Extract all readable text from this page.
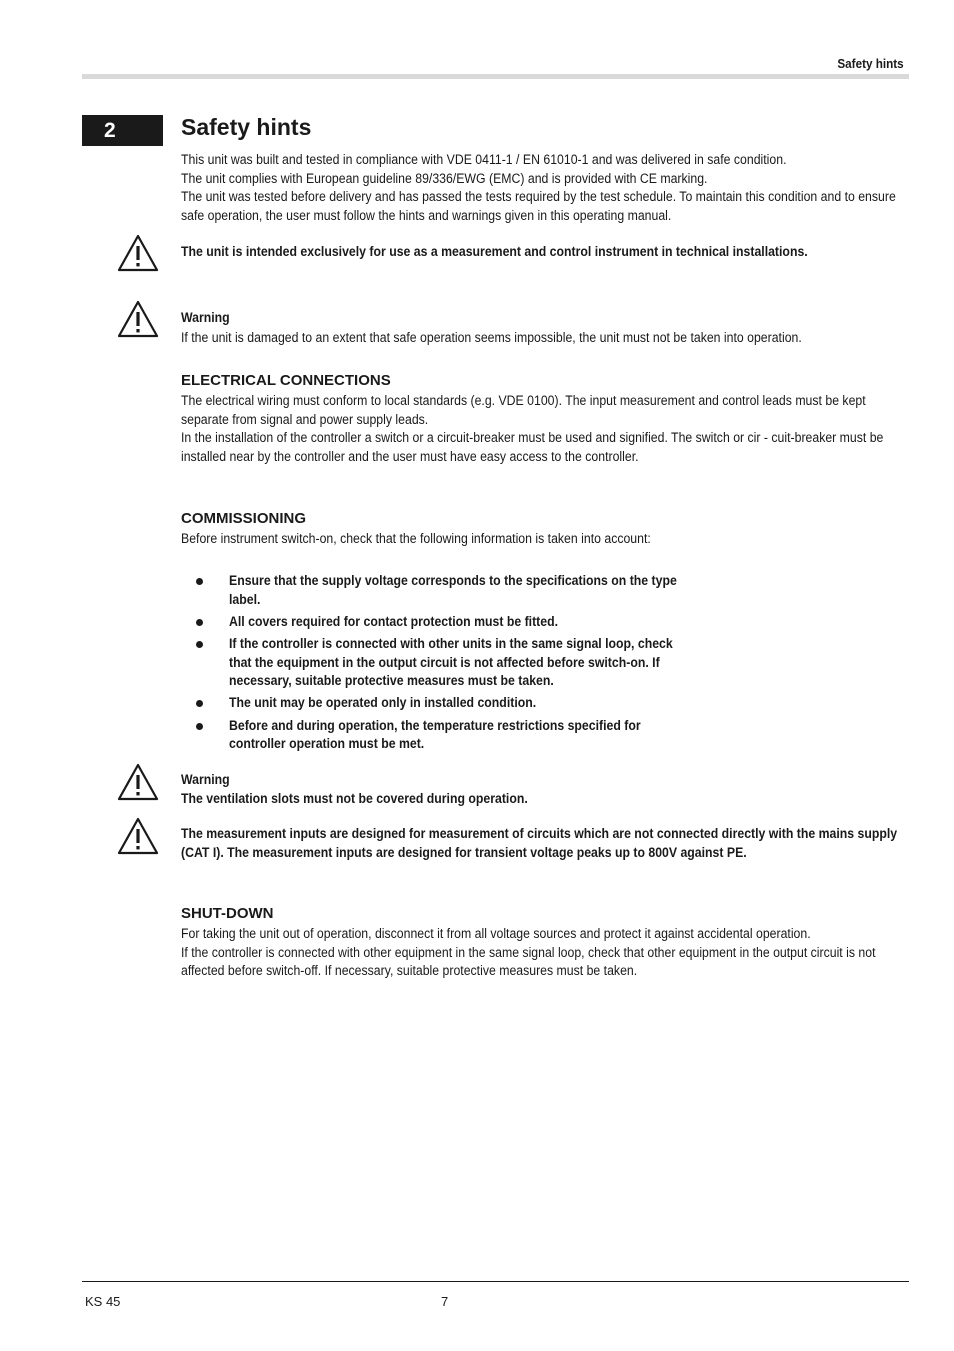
Safety hints
2	Safety hints

This unit was built and tested in compliance with VDE 0411-1 / EN 61010-1 and was delivered in safe condition.

The unit complies with European guideline 89/336/EWG (EMC) and is provided with CE marking.

The unit was tested before delivery and has passed the tests required by the test schedule. To maintain this condition and to ensure safe operation, the user must follow the hints and warnings given in this operating manual.

The unit is intended exclusively for use as a measurement and control instrument in technical installations.

Warning

If the unit is damaged to an extent that safe operation seems impossible, the unit must not be taken into operation.

ELECTRICAL CONNECTIONS

The electrical wiring must conform to local standards (e.g. VDE 0100). The input measurement and control leads must be kept separate from signal and power supply leads.

In the installation of the controller a switch or a circuit-breaker must be used and signified. The switch or cir - cuit-breaker must be installed near by the controller and the user must have easy access to the controller.

COMMISSIONING

Before instrument switch-on, check that the following information is taken into account:

Ensure that the supply voltage corresponds to the specifications on the type label.

All covers required for contact protection must be fitted.

If the controller is connected with other units in the same signal loop, check that the equipment in the output circuit is not affected before switch-on. If necessary, suitable protective measures must be taken.

The unit may be operated only in installed condition.

Before and during operation, the temperature restrictions specified for controller operation must be met.

Warning

The ventilation slots must not be covered during operation.

The measurement inputs are designed for measurement of circuits which are not connected directly with the mains supply (CAT I). The measurement inputs are designed for transient voltage peaks up to 800V against PE.

SHUT-DOWN

For taking the unit out of operation, disconnect it from all voltage sources and protect it against accidental operation.

If the controller is connected with other equipment in the same signal loop, check that other equipment in the output circuit is not affected before switch-off. If necessary, suitable protective measures must be taken.

KS 45	7
